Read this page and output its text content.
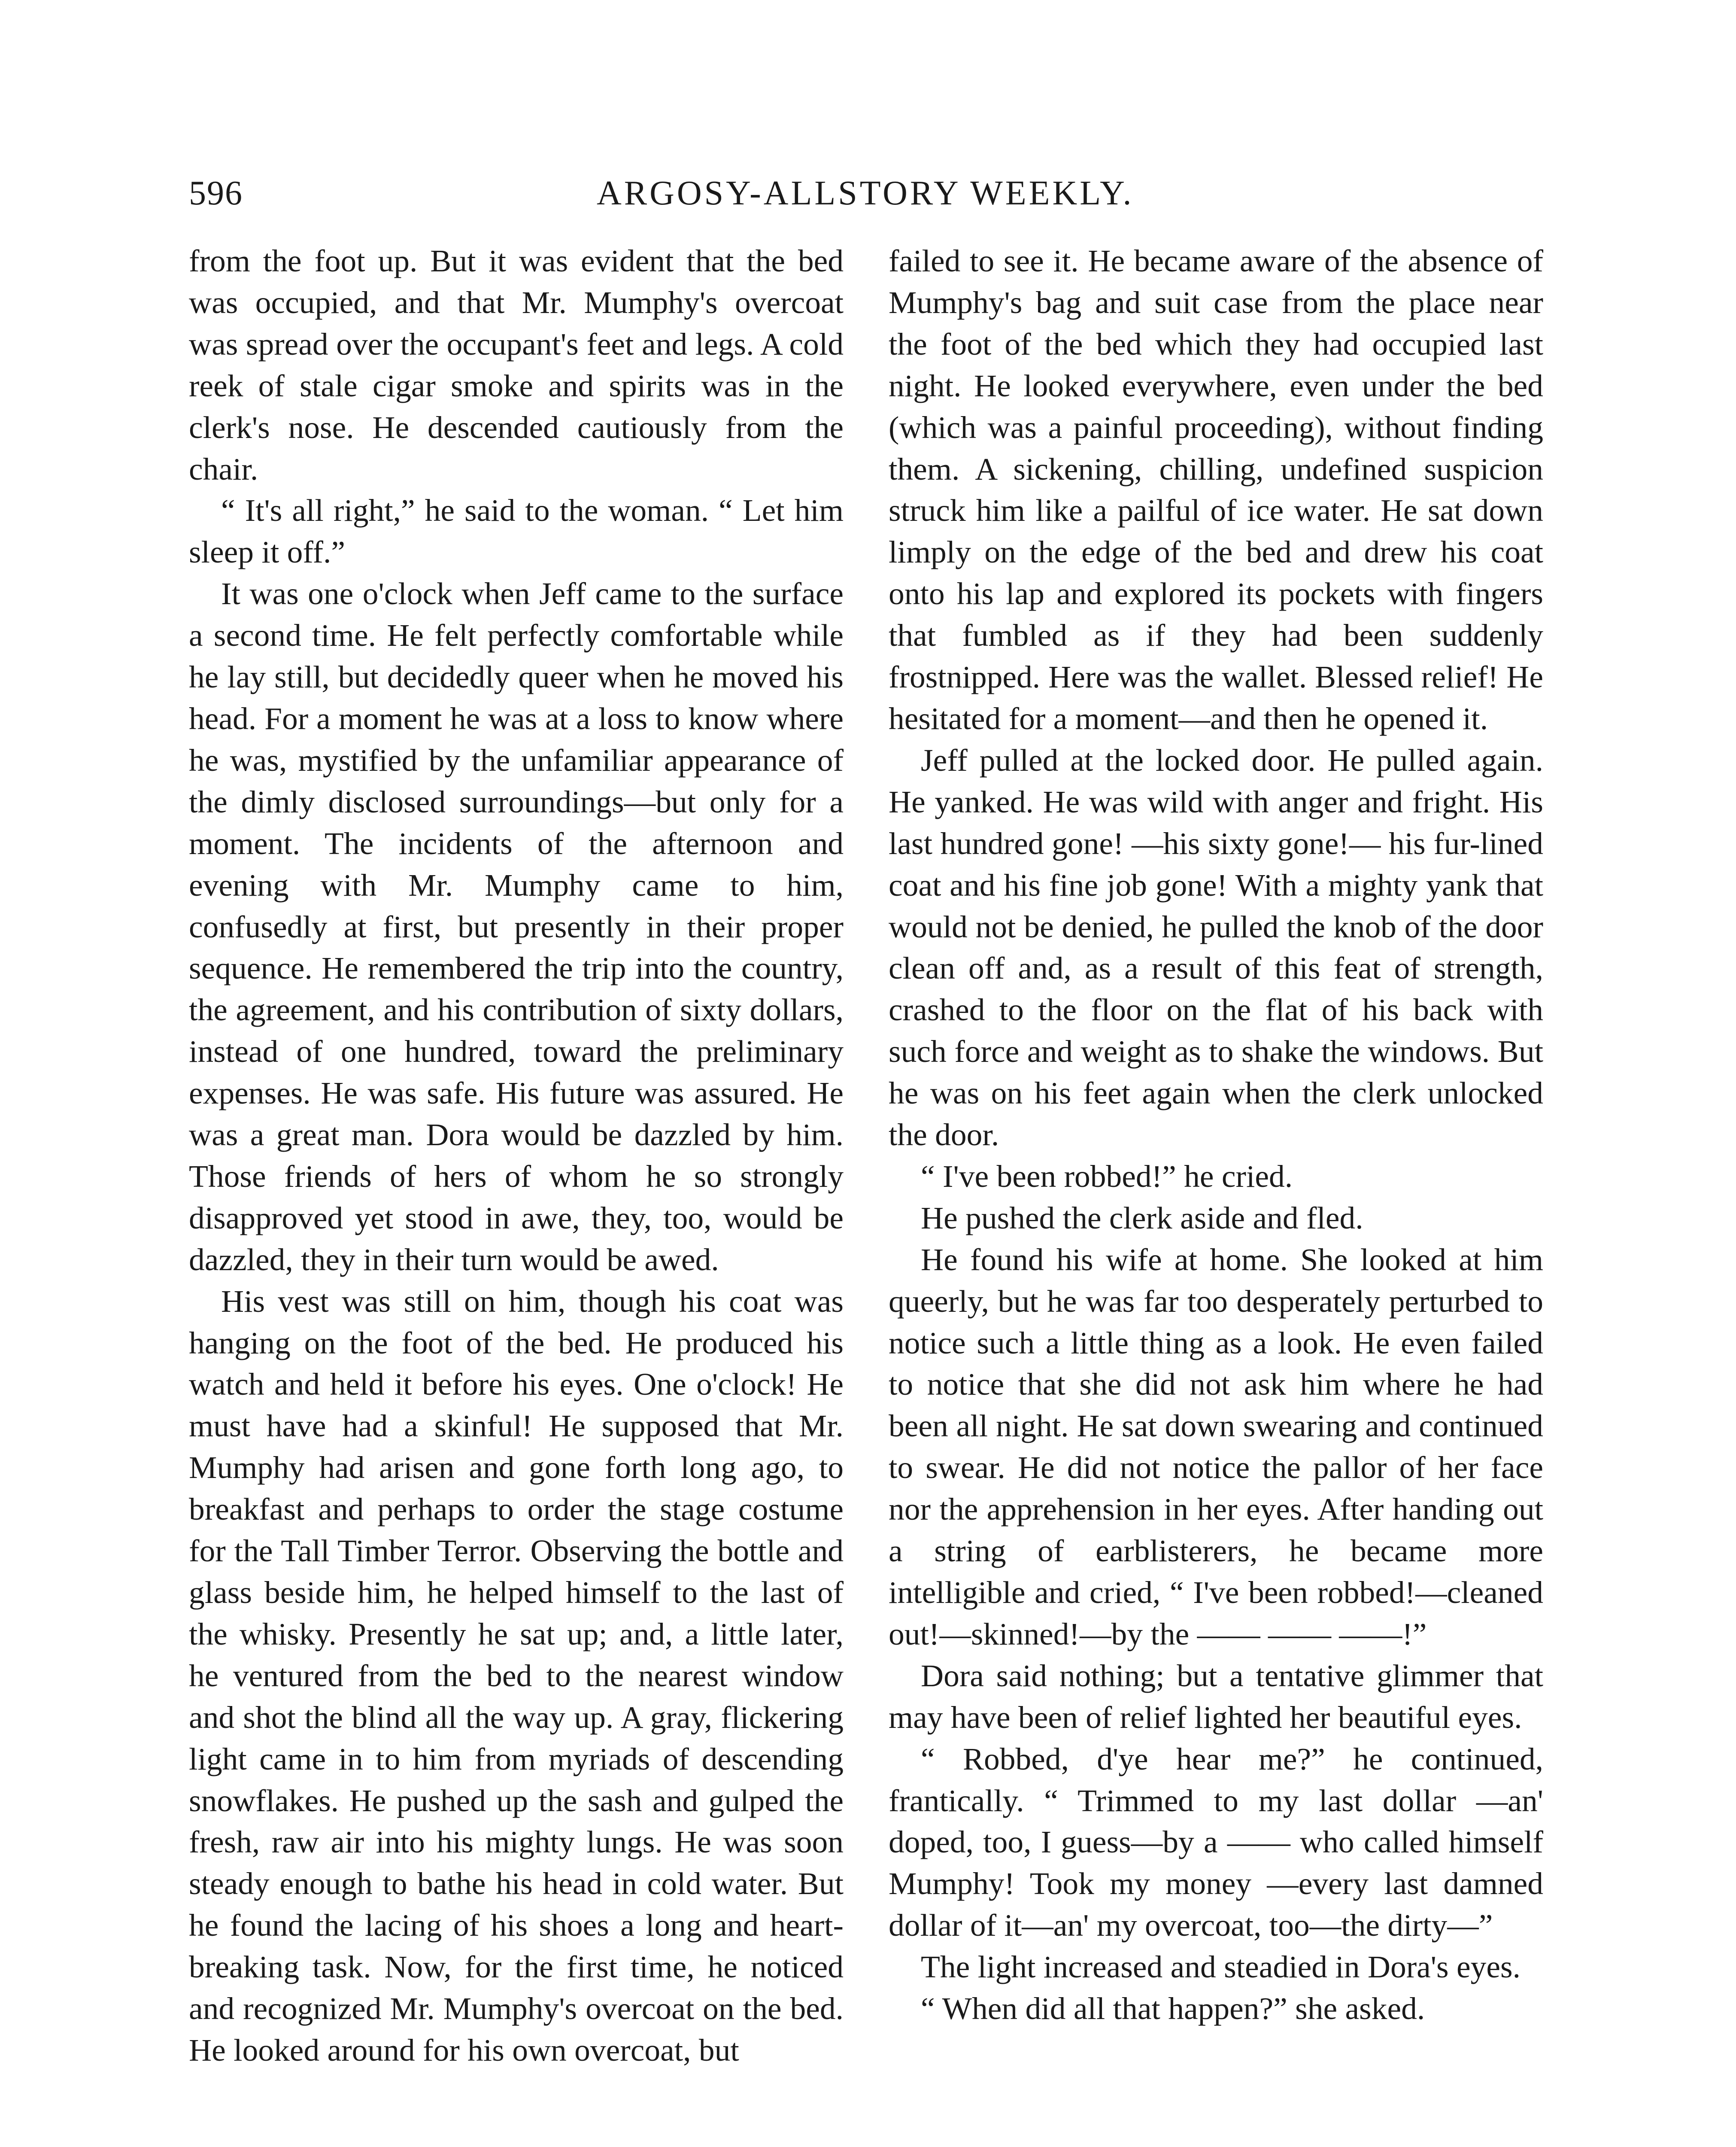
596	ARGOSY-ALLSTORY WEEKLY.

from the foot up. But it was evident that the bed was occupied, and that Mr. Mumphy's overcoat was spread over the occupant's feet and legs. A cold reek of stale cigar smoke and spirits was in the clerk's nose. He descended cautiously from the chair.

“ It's all right,” he said to the woman. “ Let him sleep it off.”

It was one o'clock when Jeff came to the surface a second time. He felt perfectly comfortable while he lay still, but decidedly queer when he moved his head. For a moment he was at a loss to know where he was, mystified by the unfamiliar appearance of the dimly disclosed surroundings—but only for a moment. The incidents of the afternoon and evening with Mr. Mumphy came to him, confusedly at first, but presently in their proper sequence. He remembered the trip into the country, the agreement, and his contribution of sixty dollars, instead of one hundred, toward the preliminary expenses. He was safe. His future was assured. He was a great man. Dora would be dazzled by him. Those friends of hers of whom he so strongly disapproved yet stood in awe, they, too, would be dazzled, they in their turn would be awed.

His vest was still on him, though his coat was hanging on the foot of the bed. He produced his watch and held it before his eyes. One o'clock! He must have had a skinful! He supposed that Mr. Mumphy had arisen and gone forth long ago, to breakfast and perhaps to order the stage costume for the Tall Timber Terror. Observing the bottle and glass beside him, he helped himself to the last of the whisky. Presently he sat up; and, a little later, he ventured from the bed to the nearest window and shot the blind all the way up. A gray, flickering light came in to him from myriads of descending snowflakes. He pushed up the sash and gulped the fresh, raw air into his mighty lungs. He was soon steady enough to bathe his head in cold water. But he found the lacing of his shoes a long and heart-breaking task. Now, for the first time, he noticed and recognized Mr. Mumphy's overcoat on the bed. He looked around for his own overcoat, but

failed to see it. He became aware of the absence of Mumphy's bag and suit case from the place near the foot of the bed which they had occupied last night. He looked everywhere, even under the bed (which was a painful proceeding), without finding them. A sickening, chilling, undefined suspicion struck him like a pailful of ice water. He sat down limply on the edge of the bed and drew his coat onto his lap and explored its pockets with fingers that fumbled as if they had been suddenly frostnipped. Here was the wallet. Blessed relief! He hesitated for a moment—and then he opened it.

Jeff pulled at the locked door. He pulled again. He yanked. He was wild with anger and fright. His last hundred gone! —his sixty gone!— his fur-lined coat and his fine job gone! With a mighty yank that would not be denied, he pulled the knob of the door clean off and, as a result of this feat of strength, crashed to the floor on the flat of his back with such force and weight as to shake the windows. But he was on his feet again when the clerk unlocked the door.

“ I've been robbed!” he cried.

He pushed the clerk aside and fled.

He found his wife at home. She looked at him queerly, but he was far too desperately perturbed to notice such a little thing as a look. He even failed to notice that she did not ask him where he had been all night. He sat down swearing and continued to swear. He did not notice the pallor of her face nor the apprehension in her eyes. After handing out a string of earblisterers, he became more intelligible and cried, “ I've been robbed!—cleaned out!—skinned!—by the —— —— ——!”

Dora said nothing; but a tentative glimmer that may have been of relief lighted her beautiful eyes.

“ Robbed, d'ye hear me?” he continued, frantically. “ Trimmed to my last dollar —an' doped, too, I guess—by a —— who called himself Mumphy! Took my money —every last damned dollar of it—an' my overcoat, too—the dirty—”

The light increased and steadied in Dora's eyes.

“ When did all that happen?” she asked.
